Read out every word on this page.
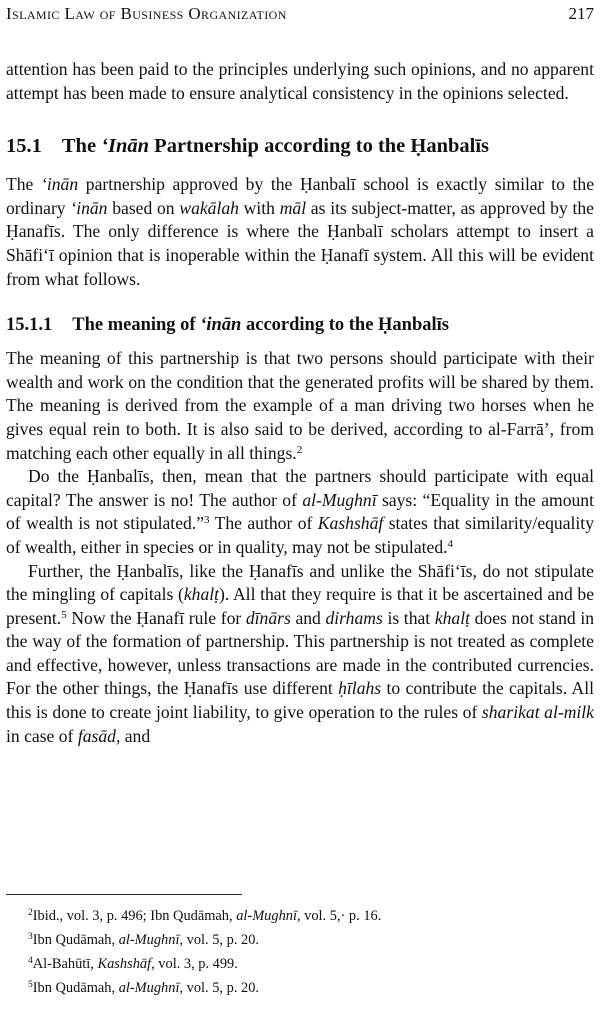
Islamic Law of Business Organization	217

attention has been paid to the principles underlying such opinions, and no apparent attempt has been made to ensure analytical consistency in the opinions selected.

15.1 The ‘Inān Partnership according to the Ḥanbalīs

The ‘inān partnership approved by the Ḥanbalī school is exactly similar to the ordinary ‘inān based on wakālah with māl as its subject-matter, as approved by the Ḥanafīs. The only difference is where the Ḥanbalī scholars attempt to insert a Shāfi‘ī opinion that is inoperable within the Ḥanafī system. All this will be evident from what follows.

15.1.1 The meaning of ‘inān according to the Ḥanbalīs

The meaning of this partnership is that two persons should participate with their wealth and work on the condition that the generated profits will be shared by them. The meaning is derived from the example of a man driving two horses when he gives equal rein to both. It is also said to be derived, according to al-Farrā’, from matching each other equally in all things.$^2$

Do the Ḥanbalīs, then, mean that the partners should participate with equal capital? The answer is no! The author of al-Mughnī says: “Equality in the amount of wealth is not stipulated.”$^3$ The author of Kashshāf states that similarity/equality of wealth, either in species or in quality, may not be stipulated.$^4$

Further, the Ḥanbalīs, like the Ḥanafīs and unlike the Shāfi‘īs, do not stipulate the mingling of capitals (khalṭ). All that they require is that it be ascertained and be present.$^5$ Now the Ḥanafī rule for dīnārs and dirhams is that khalṭ does not stand in the way of the formation of partnership. This partnership is not treated as complete and effective, however, unless transactions are made in the contributed currencies. For the other things, the Ḥanafīs use different ḥīlahs to contribute the capitals. All this is done to create joint liability, to give operation to the rules of sharikat al-milk in case of fasād, and

$^2$Ibid., vol. 3, p. 496; Ibn Qudāmah, al-Mughnī, vol. 5,· p. 16.

$^3$Ibn Qudāmah, al-Mughnī, vol. 5, p. 20.

$^4$Al-Bahūtī, Kashshāf, vol. 3, p. 499.

$^5$Ibn Qudāmah, al-Mughnī, vol. 5, p. 20.
